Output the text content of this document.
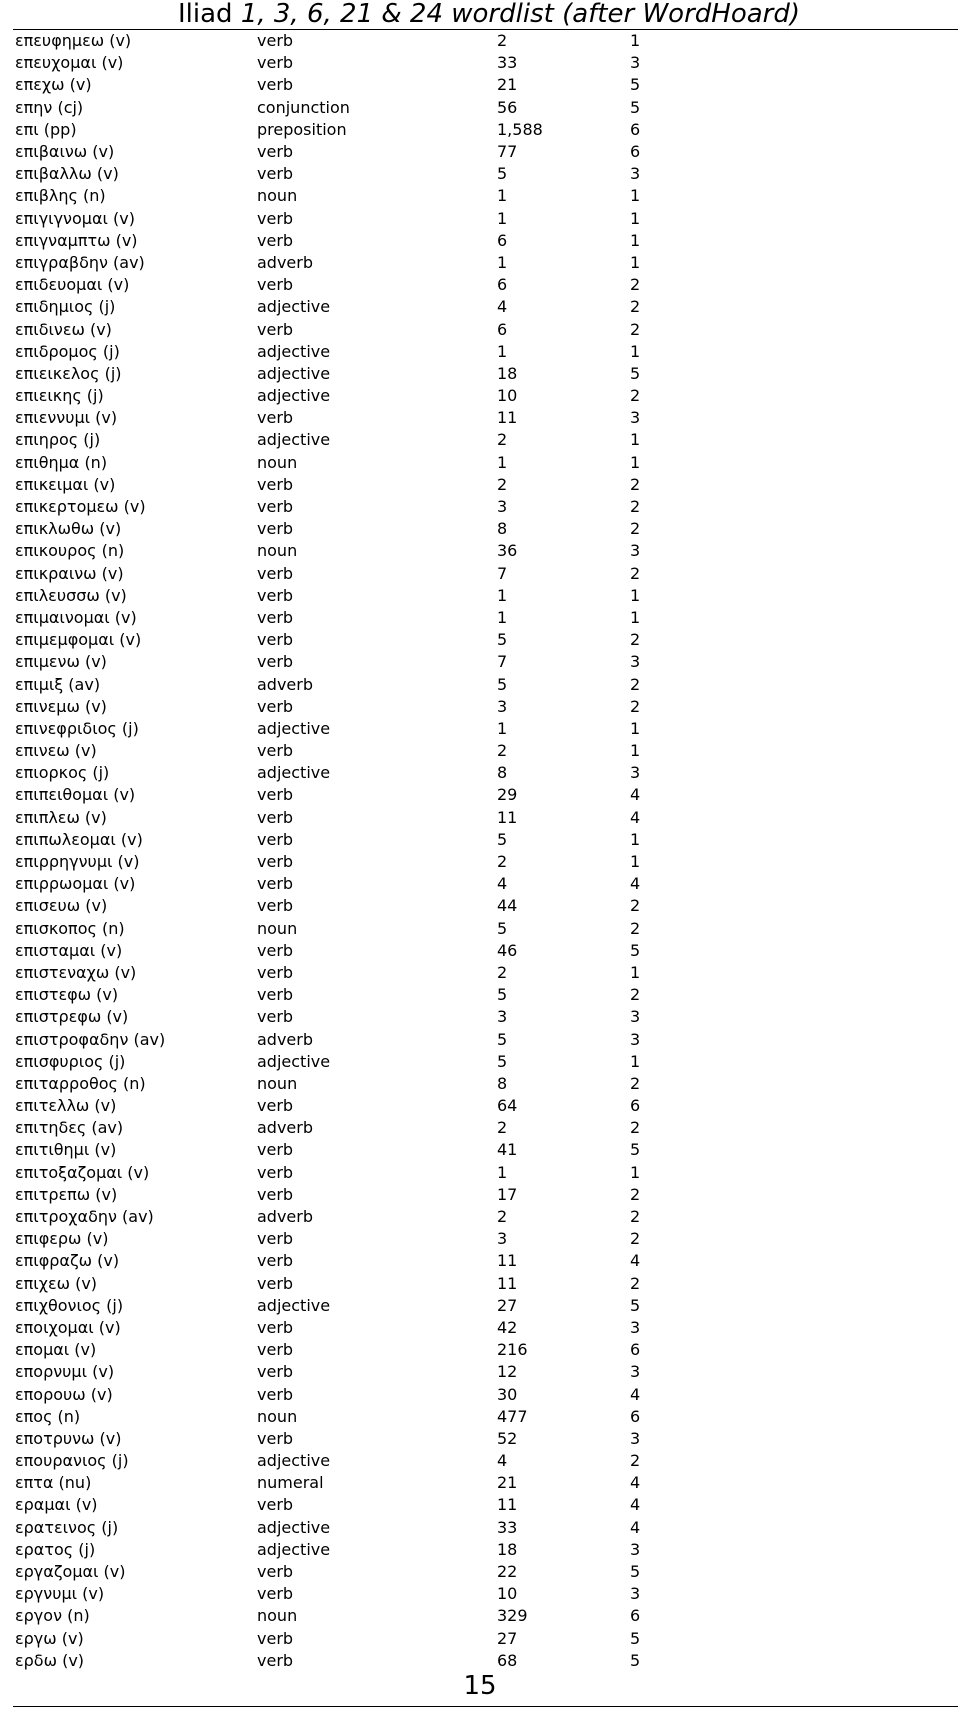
Iliad 1, 3, 6, 21 & 24 wordlist (after WordHoard)
επευφημεω (v)	verb	2	1
επευχομαι (v)	verb	33	3
επεχω (v)	verb	21	5
επην (cj)	conjunction	56	5
επι (pp)	preposition	1,588	6
επιβαινω (v)	verb	77	6
επιβαλλω (v)	verb	5	3
επιβλης (n)	noun	1	1
επιγιγνομαι (v)	verb	1	1
επιγναμπτω (v)	verb	6	1
επιγραβδην (av)	adverb	1	1
επιδευομαι (v)	verb	6	2
επιδημιος (j)	adjective	4	2
επιδινεω (v)	verb	6	2
επιδρομος (j)	adjective	1	1
επιεικελος (j)	adjective	18	5
επιεικης (j)	adjective	10	2
επιεννυμι (v)	verb	11	3
επιηρος (j)	adjective	2	1
επιθημα (n)	noun	1	1
επικειμαι (v)	verb	2	2
επικερτομεω (v)	verb	3	2
επικλωθω (v)	verb	8	2
επικουρος (n)	noun	36	3
επικραινω (v)	verb	7	2
επιλευσσω (v)	verb	1	1
επιμαινομαι (v)	verb	1	1
επιμεμφομαι (v)	verb	5	2
επιμενω (v)	verb	7	3
επιμιξ (av)	adverb	5	2
επινεμω (v)	verb	3	2
επινεφριδιος (j)	adjective	1	1
επινεω (v)	verb	2	1
επιορκος (j)	adjective	8	3
επιπειθομαι (v)	verb	29	4
επιπλεω (v)	verb	11	4
επιπωλεομαι (v)	verb	5	1
επιρρηγνυμι (v)	verb	2	1
επιρρωομαι (v)	verb	4	4
επισευω (v)	verb	44	2
επισκοπος (n)	noun	5	2
επισταμαι (v)	verb	46	5
επιστεναχω (v)	verb	2	1
επιστεφω (v)	verb	5	2
επιστρεφω (v)	verb	3	3
επιστροφαδην (av)	adverb	5	3
επισφυριος (j)	adjective	5	1
επιταρροθος (n)	noun	8	2
επιτελλω (v)	verb	64	6
επιτηδες (av)	adverb	2	2
επιτιθημι (v)	verb	41	5
επιτοξαζομαι (v)	verb	1	1
επιτρεπω (v)	verb	17	2
επιτροχαδην (av)	adverb	2	2
επιφερω (v)	verb	3	2
επιφραζω (v)	verb	11	4
επιχεω (v)	verb	11	2
επιχθονιος (j)	adjective	27	5
εποιχομαι (v)	verb	42	3
επομαι (v)	verb	216	6
επορνυμι (v)	verb	12	3
επορουω (v)	verb	30	4
επος (n)	noun	477	6
εποτρυνω (v)	verb	52	3
επουρανιος (j)	adjective	4	2
επτα (nu)	numeral	21	4
εραμαι (v)	verb	11	4
ερατεινος (j)	adjective	33	4
ερατος (j)	adjective	18	3
εργαζομαι (v)	verb	22	5
εργνυμι (v)	verb	10	3
εργον (n)	noun	329	6
εργω (v)	verb	27	5
ερδω (v)	verb	68	5
15
